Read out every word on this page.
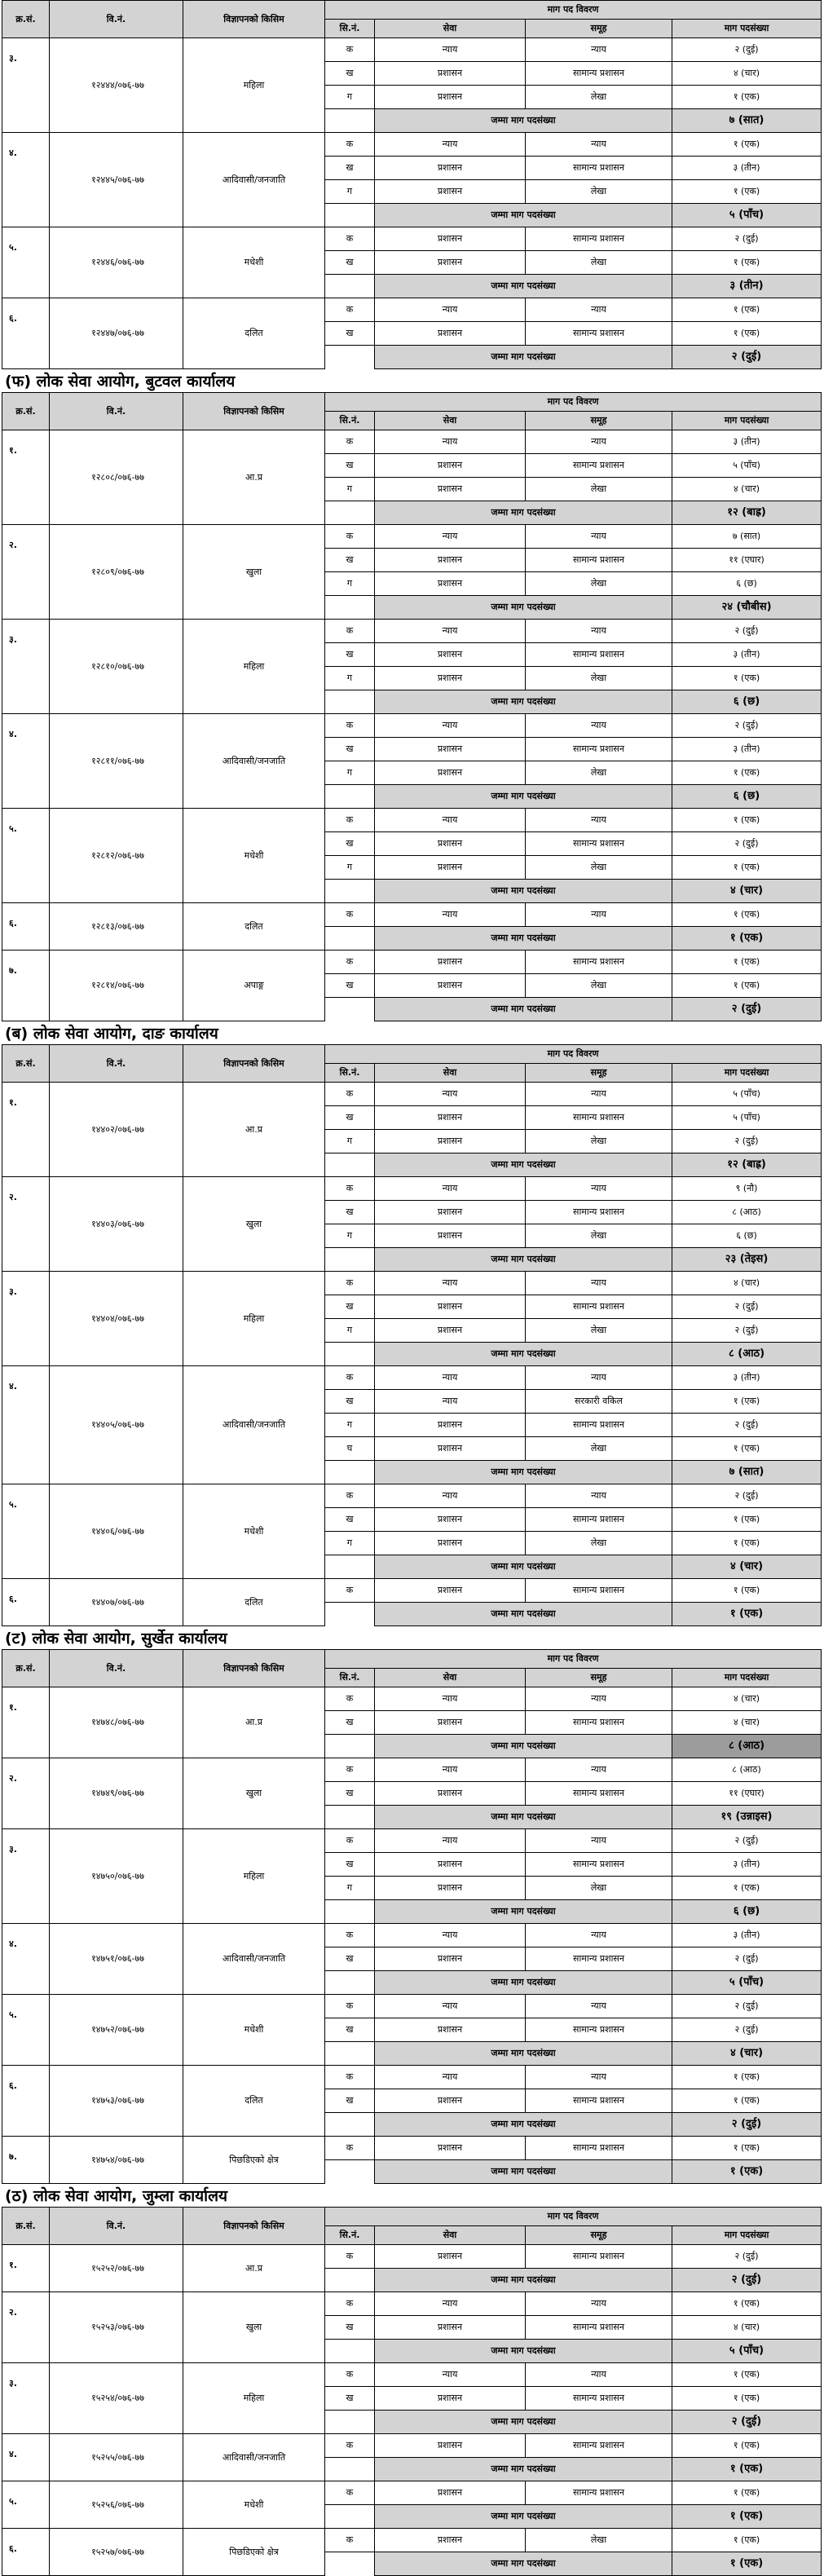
क्र.सं.	वि.नं.	विज्ञापनको किसिम	माग पद विवरण			
			सि.नं.	सेवा	समूह	माग पदसंख्या
३.	१२४४४/०७६-७७	महिला	क	न्याय	न्याय	२ (दुई)
			ख	प्रशासन	सामान्य प्रशासन	४ (चार)
			ग	प्रशासन	लेखा	१ (एक)
				जम्मा माग पदसंख्या		७ (सात)
४.	१२४४५/०७६-७७	आदिवासी/जनजाति	क	न्याय	न्याय	१ (एक)
			ख	प्रशासन	सामान्य प्रशासन	३ (तीन)
			ग	प्रशासन	लेखा	१ (एक)
				जम्मा माग पदसंख्या		५ (पाँच)
५.	१२४४६/०७६-७७	मधेशी	क	प्रशासन	सामान्य प्रशासन	२ (दुई)
			ख	प्रशासन	लेखा	१ (एक)
				जम्मा माग पदसंख्या		३ (तीन)
६.	१२४४७/०७६-७७	दलित	क	न्याय	न्याय	१ (एक)
			ख	प्रशासन	सामान्य प्रशासन	१ (एक)
				जम्मा माग पदसंख्या		२ (दुई)
(फ) लोक सेवा आयोग, बुटवल कार्यालय
क्र.सं.	वि.नं.	विज्ञापनको किसिम	माग पद विवरण			
			सि.नं.	सेवा	समूह	माग पदसंख्या
१.	१२८०८/०७६-७७	आ.प्र	क	न्याय	न्याय	३ (तीन)
			ख	प्रशासन	सामान्य प्रशासन	५ (पाँच)
			ग	प्रशासन	लेखा	४ (चार)
				जम्मा माग पदसंख्या		१२ (बाह्र)
२.	१२८०९/०७६-७७	खुला	क	न्याय	न्याय	७ (सात)
			ख	प्रशासन	सामान्य प्रशासन	११ (एघार)
			ग	प्रशासन	लेखा	६ (छ)
				जम्मा माग पदसंख्या		२४ (चौबीस)
३.	१२८१०/०७६-७७	महिला	क	न्याय	न्याय	२ (दुई)
			ख	प्रशासन	सामान्य प्रशासन	३ (तीन)
			ग	प्रशासन	लेखा	१ (एक)
				जम्मा माग पदसंख्या		६ (छ)
४.	१२८११/०७६-७७	आदिवासी/जनजाति	क	न्याय	न्याय	२ (दुई)
			ख	प्रशासन	सामान्य प्रशासन	३ (तीन)
			ग	प्रशासन	लेखा	१ (एक)
				जम्मा माग पदसंख्या		६ (छ)
५.	१२८१२/०७६-७७	मधेशी	क	न्याय	न्याय	१ (एक)
			ख	प्रशासन	सामान्य प्रशासन	२ (दुई)
			ग	प्रशासन	लेखा	१ (एक)
				जम्मा माग पदसंख्या		४ (चार)
६.	१२८१३/०७६-७७	दलित	क	न्याय	न्याय	१ (एक)
				जम्मा माग पदसंख्या		१ (एक)
७.	१२८१४/०७६-७७	अपाङ्ग	क	प्रशासन	सामान्य प्रशासन	१ (एक)
			ख	प्रशासन	लेखा	१ (एक)
				जम्मा माग पदसंख्या		२ (दुई)
(ब) लोक सेवा आयोग, दाङ कार्यालय
क्र.सं.	वि.नं.	विज्ञापनको किसिम	माग पद विवरण			
			सि.नं.	सेवा	समूह	माग पदसंख्या
१.	१४४०२/०७६-७७	आ.प्र	क	न्याय	न्याय	५ (पाँच)
			ख	प्रशासन	सामान्य प्रशासन	५ (पाँच)
			ग	प्रशासन	लेखा	२ (दुई)
				जम्मा माग पदसंख्या		१२ (बाह्र)
२.	१४४०३/०७६-७७	खुला	क	न्याय	न्याय	९ (नौ)
			ख	प्रशासन	सामान्य प्रशासन	८ (आठ)
			ग	प्रशासन	लेखा	६ (छ)
				जम्मा माग पदसंख्या		२३ (तेइस)
३.	१४४०४/०७६-७७	महिला	क	न्याय	न्याय	४ (चार)
			ख	प्रशासन	सामान्य प्रशासन	२ (दुई)
			ग	प्रशासन	लेखा	२ (दुई)
				जम्मा माग पदसंख्या		८ (आठ)
४.	१४४०५/०७६-७७	आदिवासी/जनजाति	क	न्याय	न्याय	३ (तीन)
			ख	न्याय	सरकारी वकिल	१ (एक)
			ग	प्रशासन	सामान्य प्रशासन	२ (दुई)
			घ	प्रशासन	लेखा	१ (एक)
				जम्मा माग पदसंख्या		७ (सात)
५.	१४४०६/०७६-७७	मधेशी	क	न्याय	न्याय	२ (दुई)
			ख	प्रशासन	सामान्य प्रशासन	१ (एक)
			ग	प्रशासन	लेखा	१ (एक)
				जम्मा माग पदसंख्या		४ (चार)
६.	१४४०७/०७६-७७	दलित	क	प्रशासन	सामान्य प्रशासन	१ (एक)
				जम्मा माग पदसंख्या		१ (एक)
(ट) लोक सेवा आयोग, सुर्खेत कार्यालय
क्र.सं.	वि.नं.	विज्ञापनको किसिम	माग पद विवरण			
			सि.नं.	सेवा	समूह	माग पदसंख्या
१.	१४७४८/०७६-७७	आ.प्र	क	न्याय	न्याय	४ (चार)
			ख	प्रशासन	सामान्य प्रशासन	४ (चार)
				जम्मा माग पदसंख्या		८ (आठ)
२.	१४७४९/०७६-७७	खुला	क	न्याय	न्याय	८ (आठ)
			ख	प्रशासन	सामान्य प्रशासन	११ (एघार)
				जम्मा माग पदसंख्या		१९ (उन्नाइस)
३.	१४७५०/०७६-७७	महिला	क	न्याय	न्याय	२ (दुई)
			ख	प्रशासन	सामान्य प्रशासन	३ (तीन)
			ग	प्रशासन	लेखा	१ (एक)
				जम्मा माग पदसंख्या		६ (छ)
४.	१४७५१/०७६-७७	आदिवासी/जनजाति	क	न्याय	न्याय	३ (तीन)
			ख	प्रशासन	सामान्य प्रशासन	२ (दुई)
				जम्मा माग पदसंख्या		५ (पाँच)
५.	१४७५२/०७६-७७	मधेशी	क	न्याय	न्याय	२ (दुई)
			ख	प्रशासन	सामान्य प्रशासन	२ (दुई)
				जम्मा माग पदसंख्या		४ (चार)
६.	१४७५३/०७६-७७	दलित	क	न्याय	न्याय	१ (एक)
			ख	प्रशासन	सामान्य प्रशासन	१ (एक)
				जम्मा माग पदसंख्या		२ (दुई)
७.	१४७५४/०७६-७७	पिछडिएको क्षेत्र	क	प्रशासन	सामान्य प्रशासन	१ (एक)
				जम्मा माग पदसंख्या		१ (एक)
(ठ) लोक सेवा आयोग, जुम्ला कार्यालय
क्र.सं.	वि.नं.	विज्ञापनको किसिम	माग पद विवरण			
			सि.नं.	सेवा	समूह	माग पदसंख्या
१.	१५२५२/०७६-७७	आ.प्र	क	प्रशासन	सामान्य प्रशासन	२ (दुई)
				जम्मा माग पदसंख्या		२ (दुई)
२.	१५२५३/०७६-७७	खुला	क	न्याय	न्याय	१ (एक)
			ख	प्रशासन	सामान्य प्रशासन	४ (चार)
				जम्मा माग पदसंख्या		५ (पाँच)
३.	१५२५४/०७६-७७	महिला	क	न्याय	न्याय	१ (एक)
			ख	प्रशासन	सामान्य प्रशासन	१ (एक)
				जम्मा माग पदसंख्या		२ (दुई)
४.	१५२५५/०७६-७७	आदिवासी/जनजाति	क	प्रशासन	सामान्य प्रशासन	१ (एक)
				जम्मा माग पदसंख्या		१ (एक)
५.	१५२५६/०७६-७७	मधेशी	क	प्रशासन	सामान्य प्रशासन	१ (एक)
				जम्मा माग पदसंख्या		१ (एक)
६.	१५२५७/०७६-७७	पिछडिएको क्षेत्र	क	प्रशासन	लेखा	१ (एक)
				जम्मा माग पदसंख्या		१ (एक)
